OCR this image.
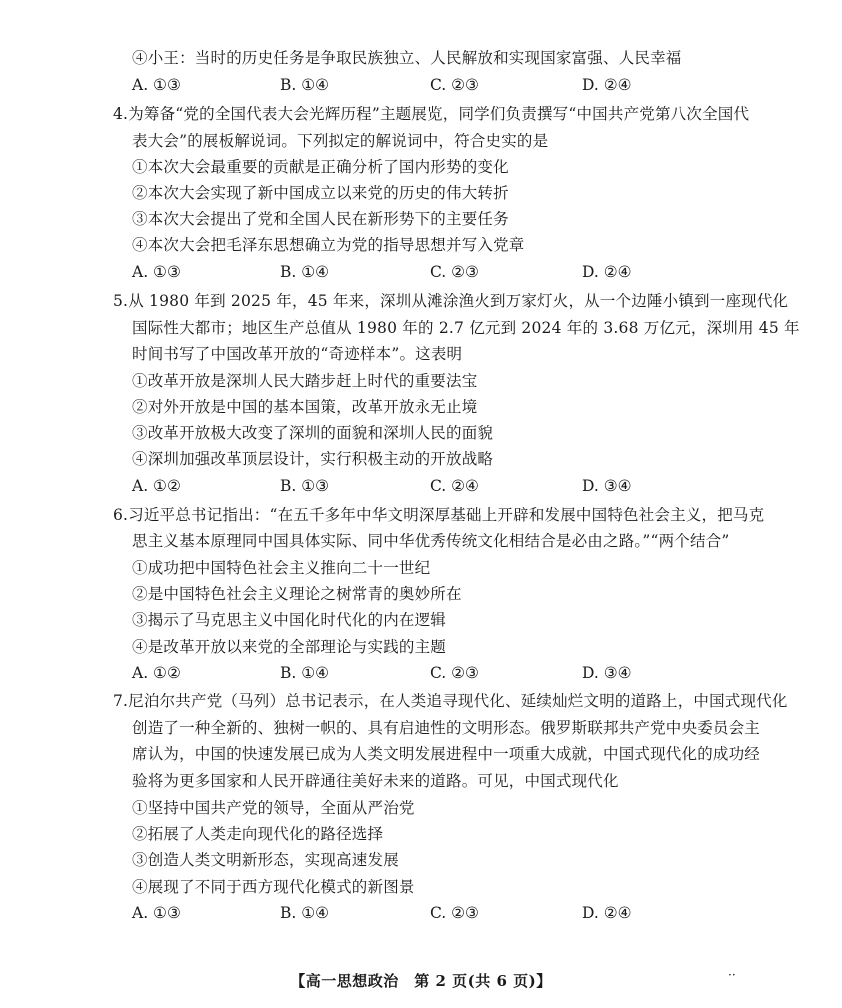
④小王：当时的历史任务是争取民族独立、人民解放和实现国家富强、人民幸福
A. ①③	B. ①④	C. ②③	D. ②④
4.为筹备“党的全国代表大会光辉历程”主题展览，同学们负责撰写“中国共产党第八次全国代
表大会”的展板解说词。下列拟定的解说词中，符合史实的是
①本次大会最重要的贡献是正确分析了国内形势的变化
②本次大会实现了新中国成立以来党的历史的伟大转折
③本次大会提出了党和全国人民在新形势下的主要任务
④本次大会把毛泽东思想确立为党的指导思想并写入党章
A. ①③	B. ①④	C. ②③	D. ②④
5.从 1980 年到 2025 年，45 年来，深圳从滩涂渔火到万家灯火，从一个边陲小镇到一座现代化
国际性大都市；地区生产总值从 1980 年的 2.7 亿元到 2024 年的 3.68 万亿元，深圳用 45 年
时间书写了中国改革开放的“奇迹样本”。这表明
①改革开放是深圳人民大踏步赶上时代的重要法宝
②对外开放是中国的基本国策，改革开放永无止境
③改革开放极大改变了深圳的面貌和深圳人民的面貌
④深圳加强改革顶层设计，实行积极主动的开放战略
A. ①②	B. ①③	C. ②④	D. ③④
6.习近平总书记指出：“在五千多年中华文明深厚基础上开辟和发展中国特色社会主义，把马克
思主义基本原理同中国具体实际、同中华优秀传统文化相结合是必由之路。”“两个结合”
①成功把中国特色社会主义推向二十一世纪
②是中国特色社会主义理论之树常青的奥妙所在
③揭示了马克思主义中国化时代化的内在逻辑
④是改革开放以来党的全部理论与实践的主题
A. ①②	B. ①④	C. ②③	D. ③④
7.尼泊尔共产党（马列）总书记表示，在人类追寻现代化、延续灿烂文明的道路上，中国式现代化
创造了一种全新的、独树一帜的、具有启迪性的文明形态。俄罗斯联邦共产党中央委员会主
席认为，中国的快速发展已成为人类文明发展进程中一项重大成就，中国式现代化的成功经
验将为更多国家和人民开辟通往美好未来的道路。可见，中国式现代化
①坚持中国共产党的领导，全面从严治党
②拓展了人类走向现代化的路径选择
③创造人类文明新形态，实现高速发展
④展现了不同于西方现代化模式的新图景
A. ①③	B. ①④	C. ②③	D. ②④
【高一思想政治　第 2 页(共 6 页)】	··
